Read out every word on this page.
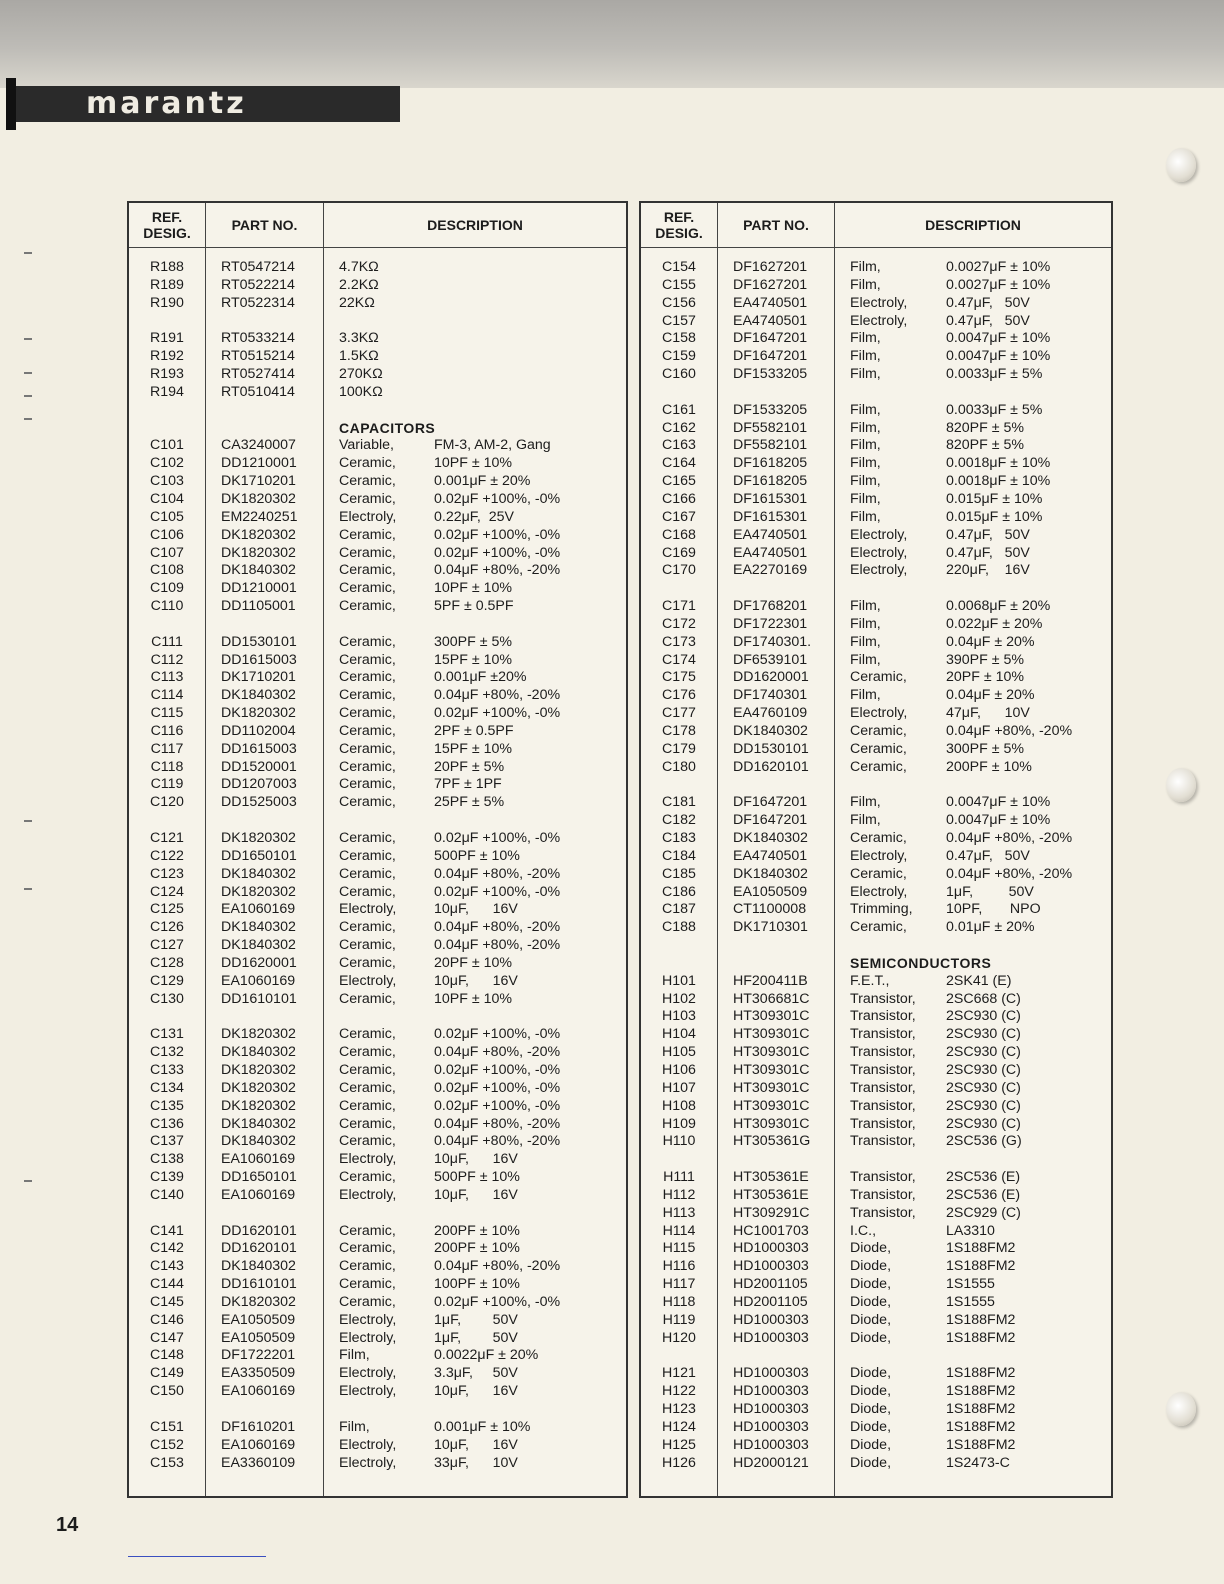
marantz
REF.
DESIG.	PART NO.	DESCRIPTION
R188	RT0547214	4.7KΩ
R189	RT0522214	2.2KΩ
R190	RT0522314	22KΩ
R191	RT0533214	3.3KΩ
R192	RT0515214	1.5KΩ
R193	RT0527414	270KΩ
R194	RT0510414	100KΩ
CAPACITORS
C101	CA3240007	Variable,	FM-3, AM-2, Gang
C102	DD1210001	Ceramic,	10PF ± 10%
C103	DK1710201	Ceramic,	0.001μF ± 20%
C104	DK1820302	Ceramic,	0.02μF +100%, -0%
C105	EM2240251	Electroly,	0.22μF,  25V
C106	DK1820302	Ceramic,	0.02μF +100%, -0%
C107	DK1820302	Ceramic,	0.02μF +100%, -0%
C108	DK1840302	Ceramic,	0.04μF +80%, -20%
C109	DD1210001	Ceramic,	10PF ± 10%
C110	DD1105001	Ceramic,	5PF ± 0.5PF
C111	DD1530101	Ceramic,	300PF ± 5%
C112	DD1615003	Ceramic,	15PF ± 10%
C113	DK1710201	Ceramic,	0.001μF ±20%
C114	DK1840302	Ceramic,	0.04μF +80%, -20%
C115	DK1820302	Ceramic,	0.02μF +100%, -0%
C116	DD1102004	Ceramic,	2PF ± 0.5PF
C117	DD1615003	Ceramic,	15PF ± 10%
C118	DD1520001	Ceramic,	20PF ± 5%
C119	DD1207003	Ceramic,	7PF ± 1PF
C120	DD1525003	Ceramic,	25PF ± 5%
C121	DK1820302	Ceramic,	0.02μF +100%, -0%
C122	DD1650101	Ceramic,	500PF ± 10%
C123	DK1840302	Ceramic,	0.04μF +80%, -20%
C124	DK1820302	Ceramic,	0.02μF +100%, -0%
C125	EA1060169	Electroly,	10μF,      16V
C126	DK1840302	Ceramic,	0.04μF +80%, -20%
C127	DK1840302	Ceramic,	0.04μF +80%, -20%
C128	DD1620001	Ceramic,	20PF ± 10%
C129	EA1060169	Electroly,	10μF,      16V
C130	DD1610101	Ceramic,	10PF ± 10%
C131	DK1820302	Ceramic,	0.02μF +100%, -0%
C132	DK1840302	Ceramic,	0.04μF +80%, -20%
C133	DK1820302	Ceramic,	0.02μF +100%, -0%
C134	DK1820302	Ceramic,	0.02μF +100%, -0%
C135	DK1820302	Ceramic,	0.02μF +100%, -0%
C136	DK1840302	Ceramic,	0.04μF +80%, -20%
C137	DK1840302	Ceramic,	0.04μF +80%, -20%
C138	EA1060169	Electroly,	10μF,      16V
C139	DD1650101	Ceramic,	500PF ± 10%
C140	EA1060169	Electroly,	10μF,      16V
C141	DD1620101	Ceramic,	200PF ± 10%
C142	DD1620101	Ceramic,	200PF ± 10%
C143	DK1840302	Ceramic,	0.04μF +80%, -20%
C144	DD1610101	Ceramic,	100PF ± 10%
C145	DK1820302	Ceramic,	0.02μF +100%, -0%
C146	EA1050509	Electroly,	1μF,        50V
C147	EA1050509	Electroly,	1μF,        50V
C148	DF1722201	Film,	0.0022μF ± 20%
C149	EA3350509	Electroly,	3.3μF,     50V
C150	EA1060169	Electroly,	10μF,      16V
C151	DF1610201	Film,	0.001μF ± 10%
C152	EA1060169	Electroly,	10μF,      16V
C153	EA3360109	Electroly,	33μF,      10V
REF.
DESIG.	PART NO.	DESCRIPTION
C154	DF1627201	Film,	0.0027μF ± 10%
C155	DF1627201	Film,	0.0027μF ± 10%
C156	EA4740501	Electroly,	0.47μF,   50V
C157	EA4740501	Electroly,	0.47μF,   50V
C158	DF1647201	Film,	0.0047μF ± 10%
C159	DF1647201	Film,	0.0047μF ± 10%
C160	DF1533205	Film,	0.0033μF ± 5%
C161	DF1533205	Film,	0.0033μF ± 5%
C162	DF5582101	Film,	820PF ± 5%
C163	DF5582101	Film,	820PF ± 5%
C164	DF1618205	Film,	0.0018μF ± 10%
C165	DF1618205	Film,	0.0018μF ± 10%
C166	DF1615301	Film,	0.015μF ± 10%
C167	DF1615301	Film,	0.015μF ± 10%
C168	EA4740501	Electroly,	0.47μF,   50V
C169	EA4740501	Electroly,	0.47μF,   50V
C170	EA2270169	Electroly,	220μF,    16V
C171	DF1768201	Film,	0.0068μF ± 20%
C172	DF1722301	Film,	0.022μF ± 20%
C173	DF1740301.	Film,	0.04μF ± 20%
C174	DF6539101	Film,	390PF ± 5%
C175	DD1620001	Ceramic,	20PF ± 10%
C176	DF1740301	Film,	0.04μF ± 20%
C177	EA4760109	Electroly,	47μF,      10V
C178	DK1840302	Ceramic,	0.04μF +80%, -20%
C179	DD1530101	Ceramic,	300PF ± 5%
C180	DD1620101	Ceramic,	200PF ± 10%
C181	DF1647201	Film,	0.0047μF ± 10%
C182	DF1647201	Film,	0.0047μF ± 10%
C183	DK1840302	Ceramic,	0.04μF +80%, -20%
C184	EA4740501	Electroly,	0.47μF,   50V
C185	DK1840302	Ceramic,	0.04μF +80%, -20%
C186	EA1050509	Electroly,	1μF,         50V
C187	CT1100008	Trimming, 10PF,       NPO
C188	DK1710301	Ceramic,	0.01μF ± 20%
SEMICONDUCTORS
H101	HF200411B	F.E.T.,	2SK41 (E)
H102	HT306681C	Transistor, 2SC668 (C)
H103	HT309301C	Transistor, 2SC930 (C)
H104	HT309301C	Transistor, 2SC930 (C)
H105	HT309301C	Transistor, 2SC930 (C)
H106	HT309301C	Transistor, 2SC930 (C)
H107	HT309301C	Transistor, 2SC930 (C)
H108	HT309301C	Transistor, 2SC930 (C)
H109	HT309301C	Transistor, 2SC930 (C)
H110	HT305361G	Transistor, 2SC536 (G)
H111	HT305361E	Transistor, 2SC536 (E)
H112	HT305361E	Transistor, 2SC536 (E)
H113	HT309291C	Transistor, 2SC929 (C)
H114	HC1001703	I.C.,	LA3310
H115	HD1000303	Diode,	1S188FM2
H116	HD1000303	Diode,	1S188FM2
H117	HD2001105	Diode,	1S1555
H118	HD2001105	Diode,	1S1555
H119	HD1000303	Diode,	1S188FM2
H120	HD1000303	Diode,	1S188FM2
H121	HD1000303	Diode,	1S188FM2
H122	HD1000303	Diode,	1S188FM2
H123	HD1000303	Diode,	1S188FM2
H124	HD1000303	Diode,	1S188FM2
H125	HD1000303	Diode,	1S188FM2
H126	HD2000121	Diode,	1S2473-C
14
